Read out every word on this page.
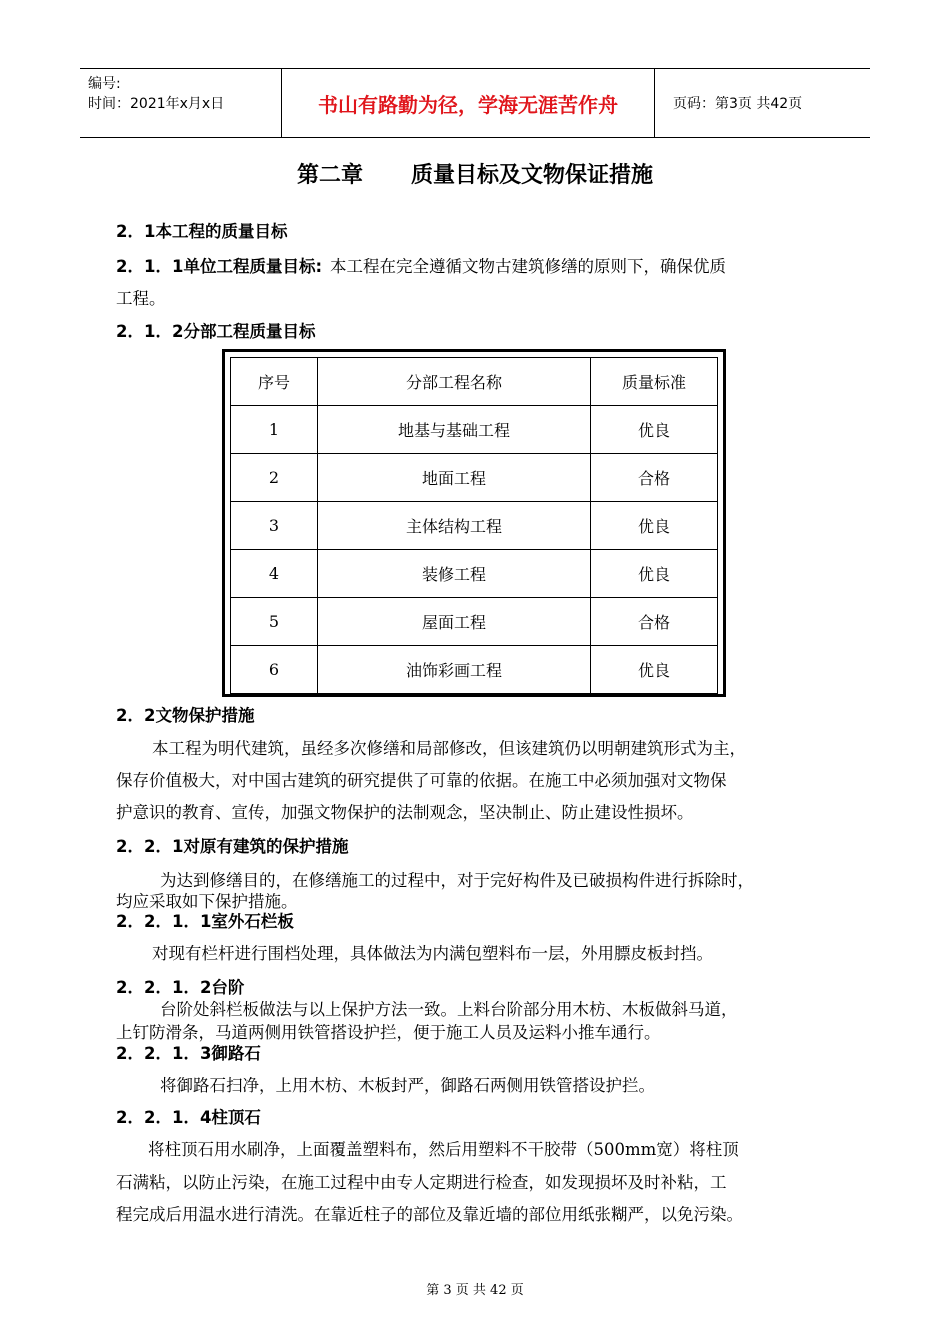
编号:
时间：2021年x月x日	书山有路勤为径，学海无涯苦作舟	页码：第3页 共42页
第二章 质量目标及文物保证措施
2．1本工程的质量目标
2．1．1单位工程质量目标: 本工程在完全遵循文物古建筑修缮的原则下，确保优质
工程。
2．1．2分部工程质量目标
序号	分部工程名称	质量标准
1	地基与基础工程	优良
2	地面工程	合格
3	主体结构工程	优良
4	装修工程	优良
5	屋面工程	合格
6	油饰彩画工程	优良
2．2文物保护措施
本工程为明代建筑，虽经多次修缮和局部修改，但该建筑仍以明朝建筑形式为主，
保存价值极大，对中国古建筑的研究提供了可靠的依据。在施工中必须加强对文物保
护意识的教育、宣传，加强文物保护的法制观念，坚决制止、防止建设性损坏。
2．2．1对原有建筑的保护措施
为达到修缮目的，在修缮施工的过程中，对于完好构件及已破损构件进行拆除时，
均应采取如下保护措施。
2．2．1．1室外石栏板
对现有栏杆进行围档处理，具体做法为内满包塑料布一层，外用膘皮板封挡。
2．2．1．2台阶
台阶处斜栏板做法与以上保护方法一致。上料台阶部分用木枋、木板做斜马道，
上钉防滑条，马道两侧用铁管搭设护拦，便于施工人员及运料小推车通行。
2．2．1．3御路石
将御路石扫净，上用木枋、木板封严，御路石两侧用铁管搭设护拦。
2．2．1．4柱顶石
将柱顶石用水刷净，上面覆盖塑料布，然后用塑料不干胶带（500mm宽）将柱顶
石满粘，以防止污染，在施工过程中由专人定期进行检查，如发现损坏及时补粘，工
程完成后用温水进行清洗。在靠近柱子的部位及靠近墙的部位用纸张糊严，以免污染。
第 3 页 共 42 页
